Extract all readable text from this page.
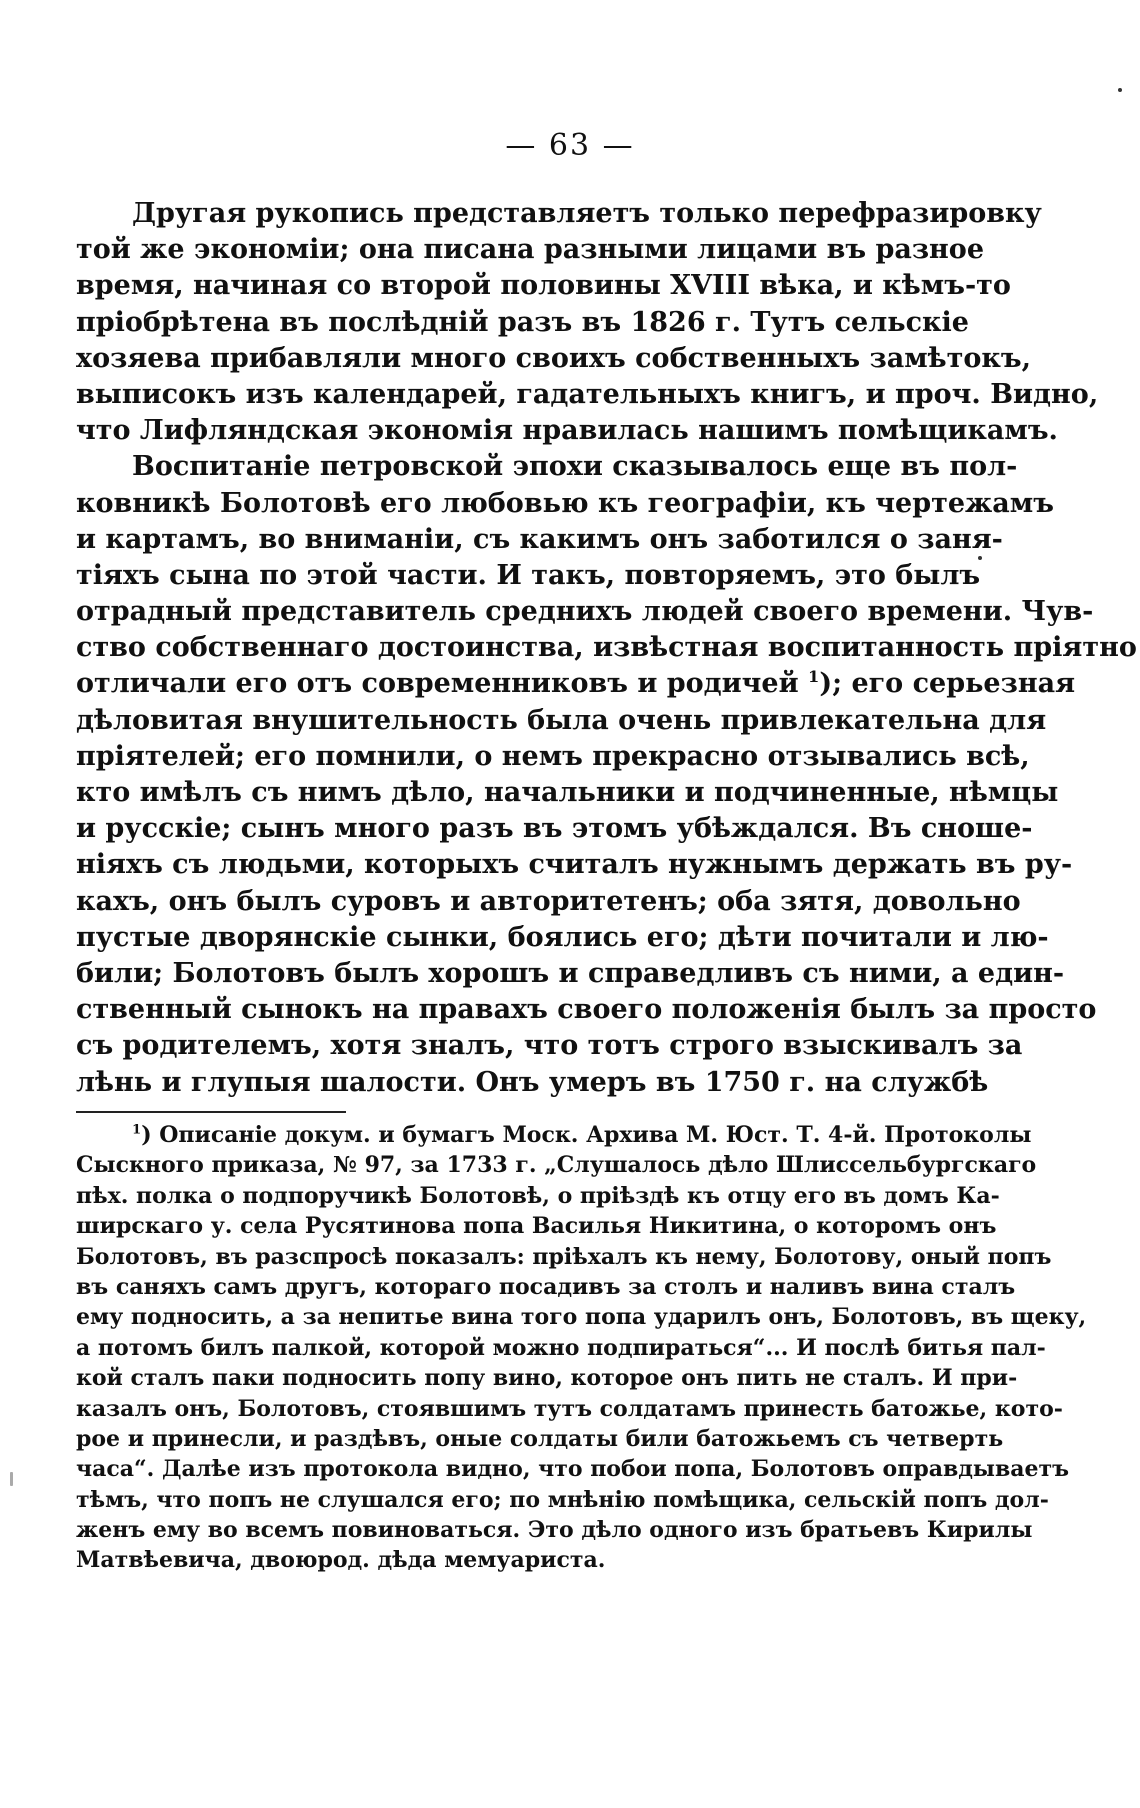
— 63 —
Другая рукопись представляетъ только перефразировку
той же экономіи; она писана разными лицами въ разное
время, начиная со второй половины XVIII вѣка, и кѣмъ-то
пріобрѣтена въ послѣдній разъ въ 1826 г. Тутъ сельскіе
хозяева прибавляли много своихъ собственныхъ замѣтокъ,
выписокъ изъ календарей, гадательныхъ книгъ, и проч. Видно,
что Лифляндская экономія нравилась нашимъ помѣщикамъ.
Воспитаніе петровской эпохи сказывалось еще въ пол-
ковникѣ Болотовѣ его любовью къ географіи, къ чертежамъ
и картамъ, во вниманіи, съ какимъ онъ заботился о заня-
тіяхъ сына по этой части. И такъ, повторяемъ, это былъ
отрадный представитель среднихъ людей своего времени. Чув-
ство собственнаго достоинства, извѣстная воспитанность пріятно
отличали его отъ современниковъ и родичей $^1$); его серьезная
дѣловитая внушительность была очень привлекательна для
пріятелей; его помнили, о немъ прекрасно отзывались всѣ,
кто имѣлъ съ нимъ дѣло, начальники и подчиненные, нѣмцы
и русскіе; сынъ много разъ въ этомъ убѣждался. Въ сноше-
ніяхъ съ людьми, которыхъ считалъ нужнымъ держать въ ру-
кахъ, онъ былъ суровъ и авторитетенъ; оба зятя, довольно
пустые дворянскіе сынки, боялись его; дѣти почитали и лю-
били; Болотовъ былъ хорошъ и справедливъ съ ними, а един-
ственный сынокъ на правахъ своего положенія былъ за просто
съ родителемъ, хотя зналъ, что тотъ строго взыскивалъ за
лѣнь и глупыя шалости. Онъ умеръ въ 1750 г. на службѣ
$^1$) Описаніе докум. и бумагъ Моск. Архива М. Юст. Т. 4-й. Протоколы
Сыскного приказа, № 97, за 1733 г. „Слушалось дѣло Шлиссельбургскаго
пѣх. полка о подпоручикѣ Болотовѣ, о пріѣздѣ къ отцу его въ домъ Ка-
ширскаго у. села Русятинова попа Василья Никитина, о которомъ онъ
Болотовъ, въ разспросѣ показалъ: пріѣхалъ къ нему, Болотову, оный попъ
въ саняхъ самъ другъ, котораго посадивъ за столъ и наливъ вина сталъ
ему подносить, а за непитье вина того попа ударилъ онъ, Болотовъ, въ щеку,
а потомъ билъ палкой, которой можно подпираться“... И послѣ битья пал-
кой сталъ паки подносить попу вино, которое онъ пить не сталъ. И при-
казалъ онъ, Болотовъ, стоявшимъ тутъ солдатамъ принесть батожье, кото-
рое и принесли, и раздѣвъ, оные солдаты били батожьемъ съ четверть
часа“. Далѣе изъ протокола видно, что побои попа, Болотовъ оправдываетъ
тѣмъ, что попъ не слушался его; по мнѣнію помѣщика, сельскій попъ дол-
женъ ему во всемъ повиноваться. Это дѣло одного изъ братьевъ Кирилы
Матвѣевича, двоюрод. дѣда мемуариста.
